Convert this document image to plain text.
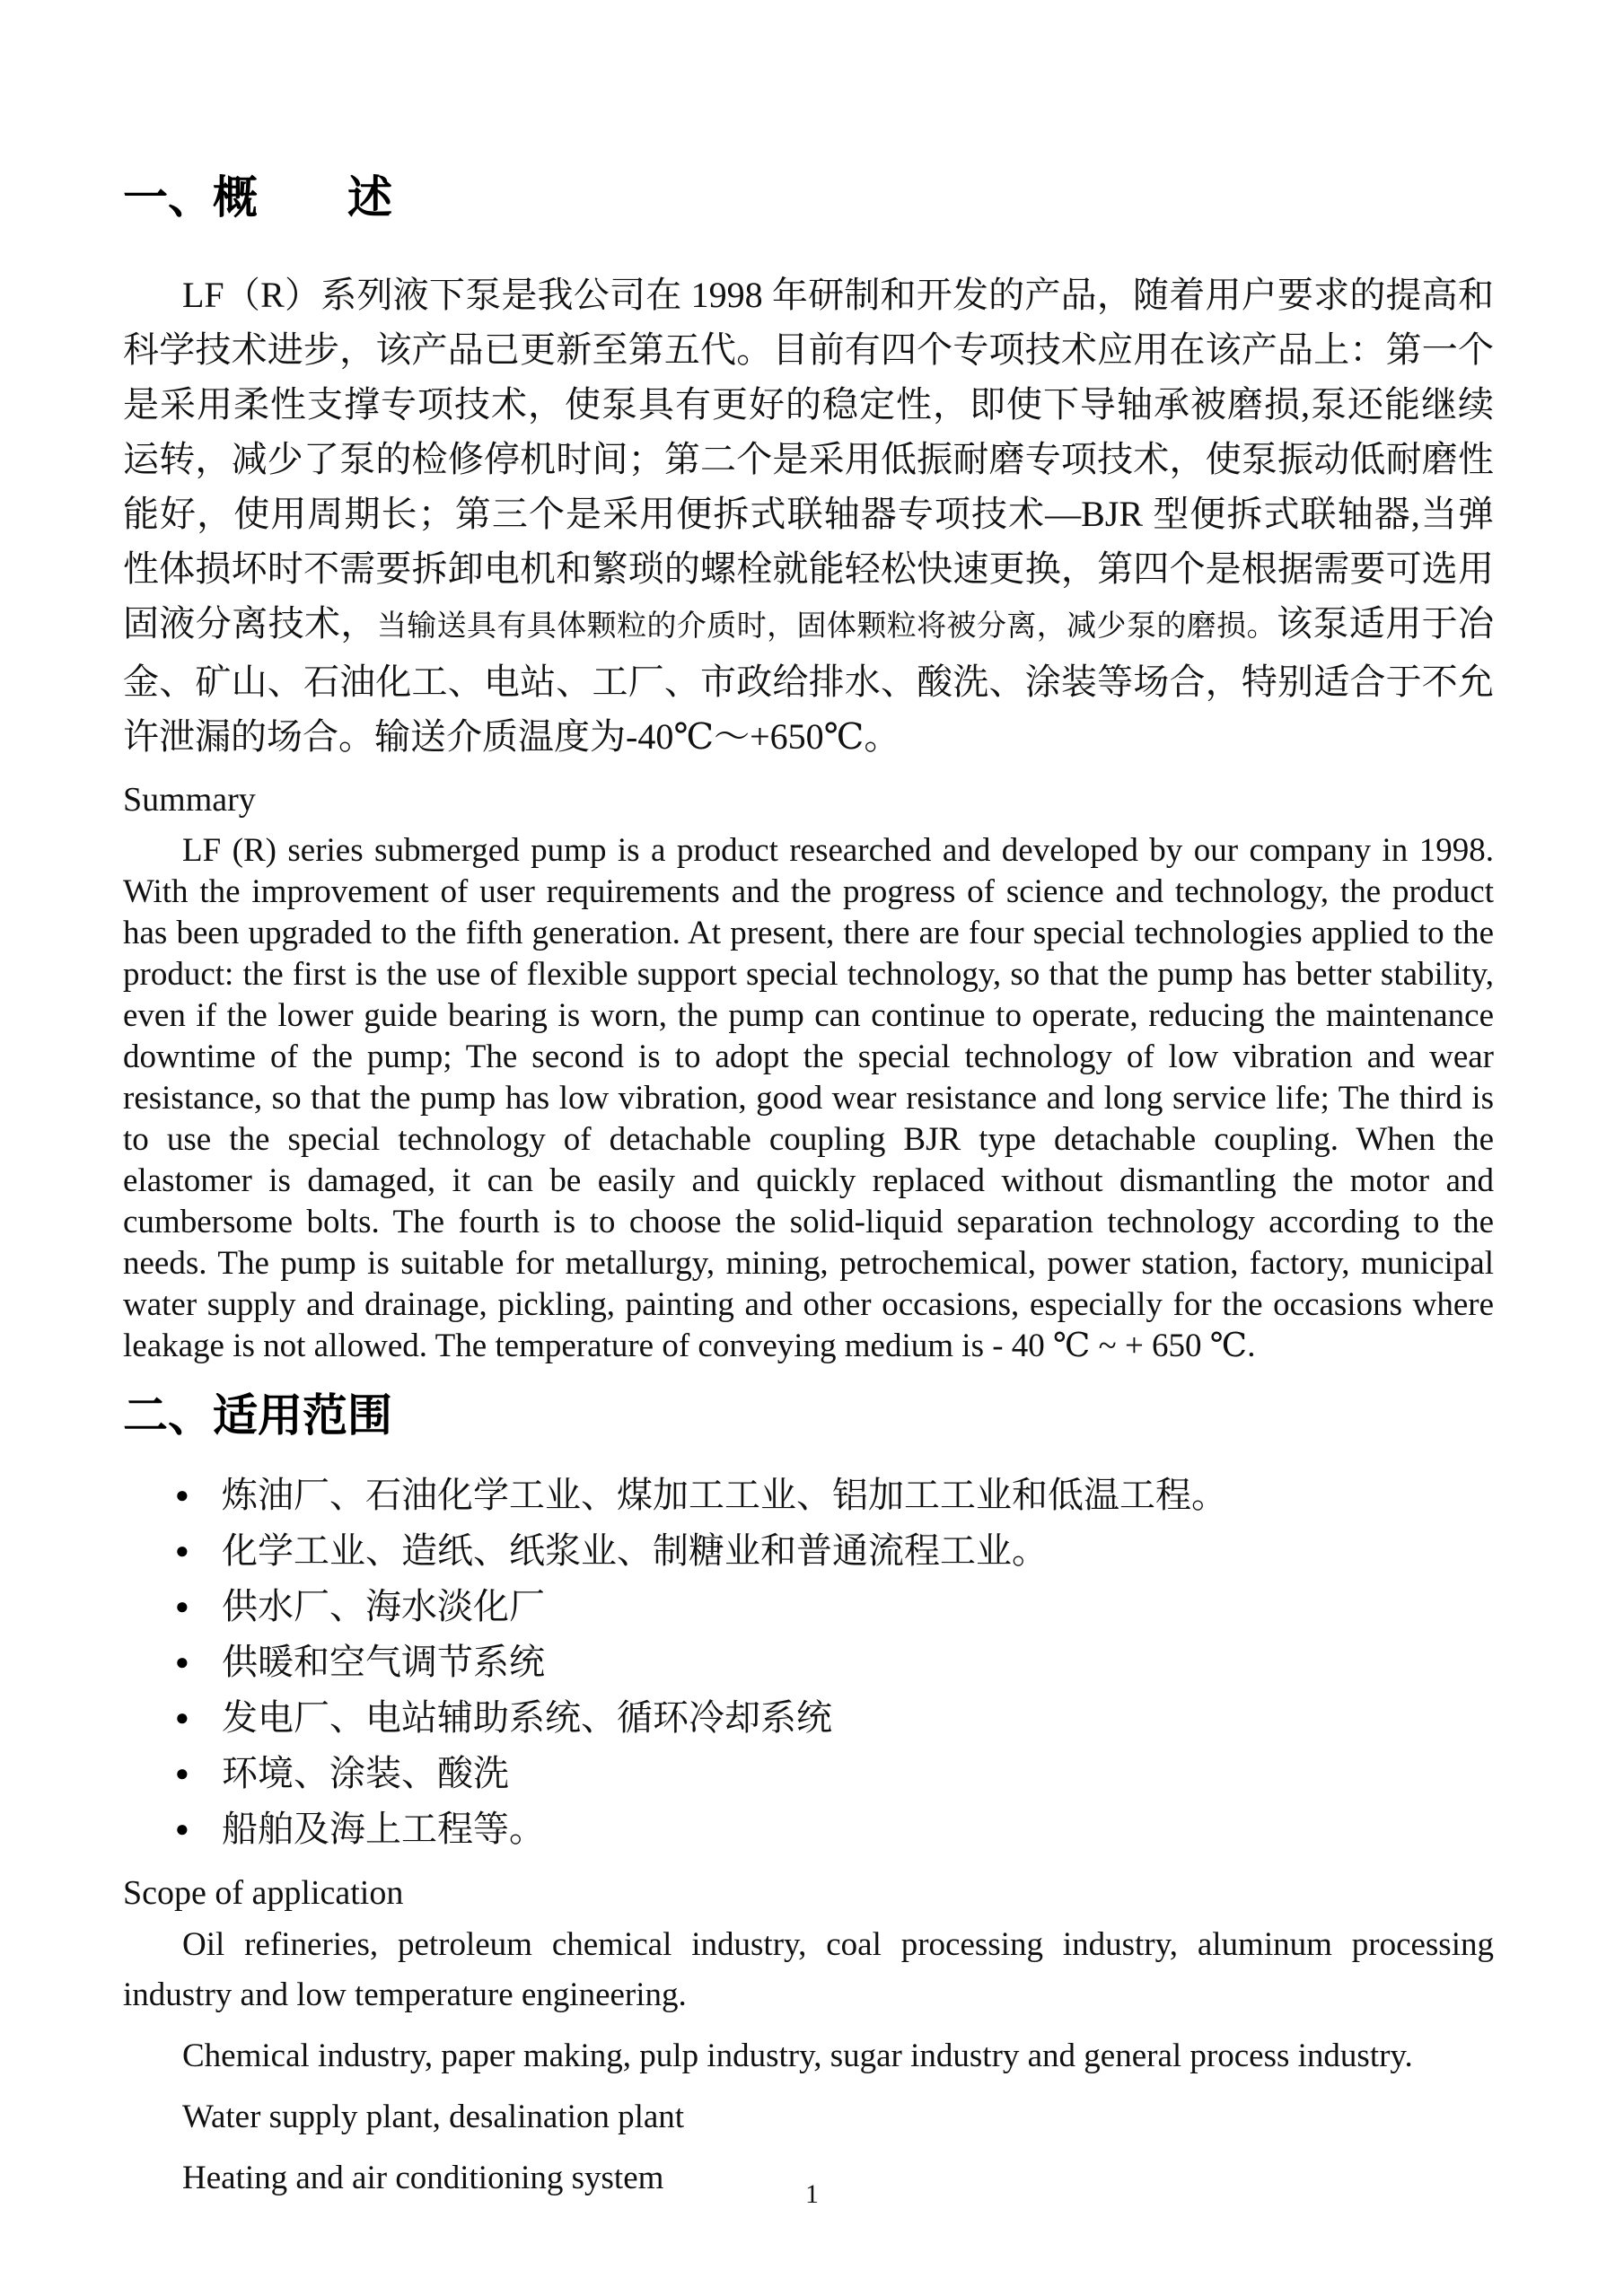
一、概　　述

LF（R）系列液下泵是我公司在 1998 年研制和开发的产品，随着用户要求的提高和科学技术进步，该产品已更新至第五代。目前有四个专项技术应用在该产品上：第一个是采用柔性支撑专项技术，使泵具有更好的稳定性，即使下导轴承被磨损,泵还能继续运转，减少了泵的检修停机时间；第二个是采用低振耐磨专项技术，使泵振动低耐磨性能好，使用周期长；第三个是采用便拆式联轴器专项技术—BJR 型便拆式联轴器,当弹性体损坏时不需要拆卸电机和繁琐的螺栓就能轻松快速更换，第四个是根据需要可选用固液分离技术，当输送具有具体颗粒的介质时，固体颗粒将被分离，减少泵的磨损。该泵适用于冶金、矿山、石油化工、电站、工厂、市政给排水、酸洗、涂装等场合，特别适合于不允许泄漏的场合。输送介质温度为-40℃～+650℃。

Summary

LF (R) series submerged pump is a product researched and developed by our company in 1998. With the improvement of user requirements and the progress of science and technology, the product has been upgraded to the fifth generation. At present, there are four special technologies applied to the product: the first is the use of flexible support special technology, so that the pump has better stability, even if the lower guide bearing is worn, the pump can continue to operate, reducing the maintenance downtime of the pump; The second is to adopt the special technology of low vibration and wear resistance, so that the pump has low vibration, good wear resistance and long service life; The third is to use the special technology of detachable coupling BJR type detachable coupling. When the elastomer is damaged, it can be easily and quickly replaced without dismantling the motor and cumbersome bolts. The fourth is to choose the solid-liquid separation technology according to the needs. The pump is suitable for metallurgy, mining, petrochemical, power station, factory, municipal water supply and drainage, pickling, painting and other occasions, especially for the occasions where leakage is not allowed. The temperature of conveying medium is - 40 ℃ ~ + 650 ℃.

二、适用范围
● 炼油厂、石油化学工业、煤加工工业、铝加工工业和低温工程。
● 化学工业、造纸、纸浆业、制糖业和普通流程工业。
● 供水厂、海水淡化厂
● 供暖和空气调节系统
● 发电厂、电站辅助系统、循环冷却系统
● 环境、涂装、酸洗
● 船舶及海上工程等。

Scope of application

Oil refineries, petroleum chemical industry, coal processing industry, aluminum processing industry and low temperature engineering.

Chemical industry, paper making, pulp industry, sugar industry and general process industry.

Water supply plant, desalination plant

Heating and air conditioning system	1
